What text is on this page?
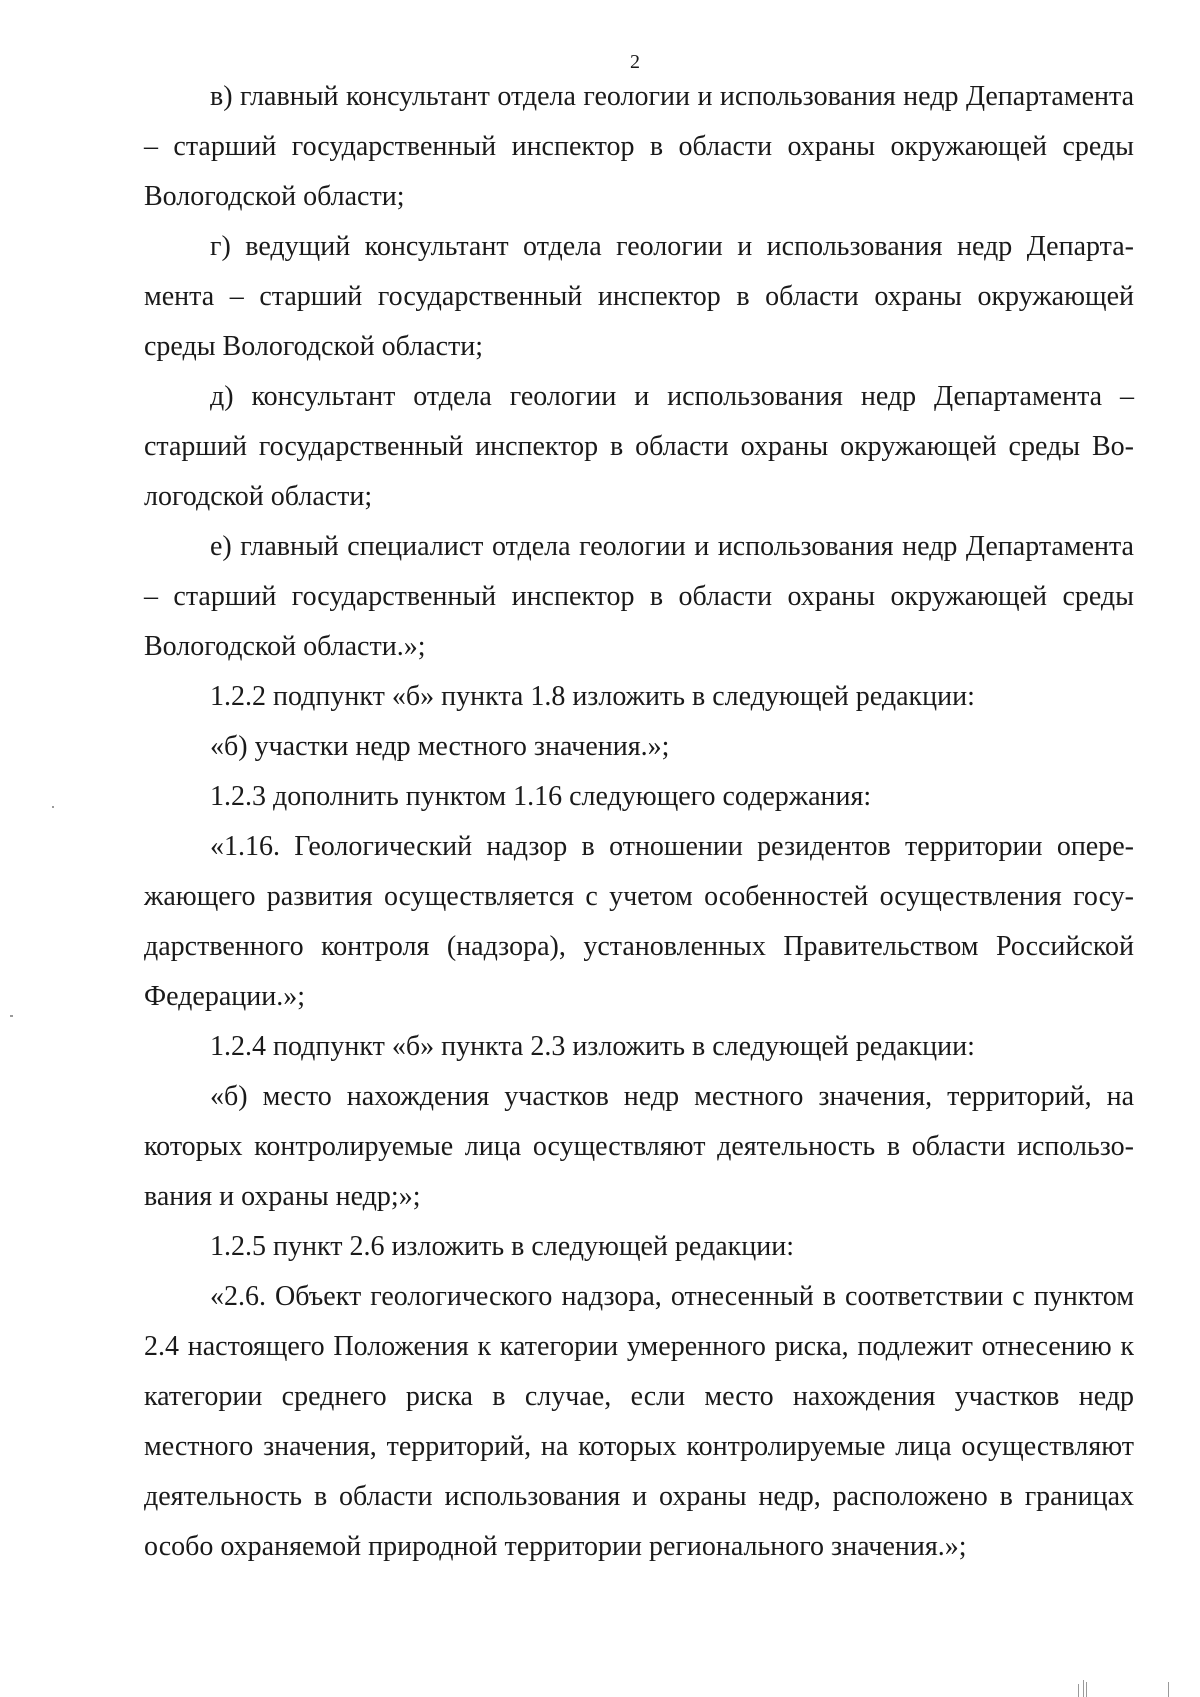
2

в) главный консультант отдела геологии и использования недр Департамента – старший государственный инспектор в области охраны окружающей среды Вологодской области;

г) ведущий консультант отдела геологии и использования недр Департамента – старший государственный инспектор в области охраны окружающей среды Вологодской области;

д) консультант отдела геологии и использования недр Департамента – старший государственный инспектор в области охраны окружающей среды Вологодской области;

е) главный специалист отдела геологии и использования недр Департамента – старший государственный инспектор в области охраны окружающей среды Вологодской области.»;

1.2.2 подпункт «б» пункта 1.8 изложить в следующей редакции:

«б) участки недр местного значения.»;

1.2.3 дополнить пунктом 1.16 следующего содержания:

«1.16. Геологический надзор в отношении резидентов территории опережающего развития осуществляется с учетом особенностей осуществления государственного контроля (надзора), установленных Правительством Российской Федерации.»;

1.2.4 подпункт «б» пункта 2.3 изложить в следующей редакции:

«б) место нахождения участков недр местного значения, территорий, на которых контролируемые лица осуществляют деятельность в области использования и охраны недр;»;

1.2.5 пункт 2.6 изложить в следующей редакции:

«2.6. Объект геологического надзора, отнесенный в соответствии с пунктом 2.4 настоящего Положения к категории умеренного риска, подлежит отнесению к категории среднего риска в случае, если место нахождения участков недр местного значения, территорий, на которых контролируемые лица осуществляют деятельность в области использования и охраны недр, расположено в границах особо охраняемой природной территории регионального значения.»;
